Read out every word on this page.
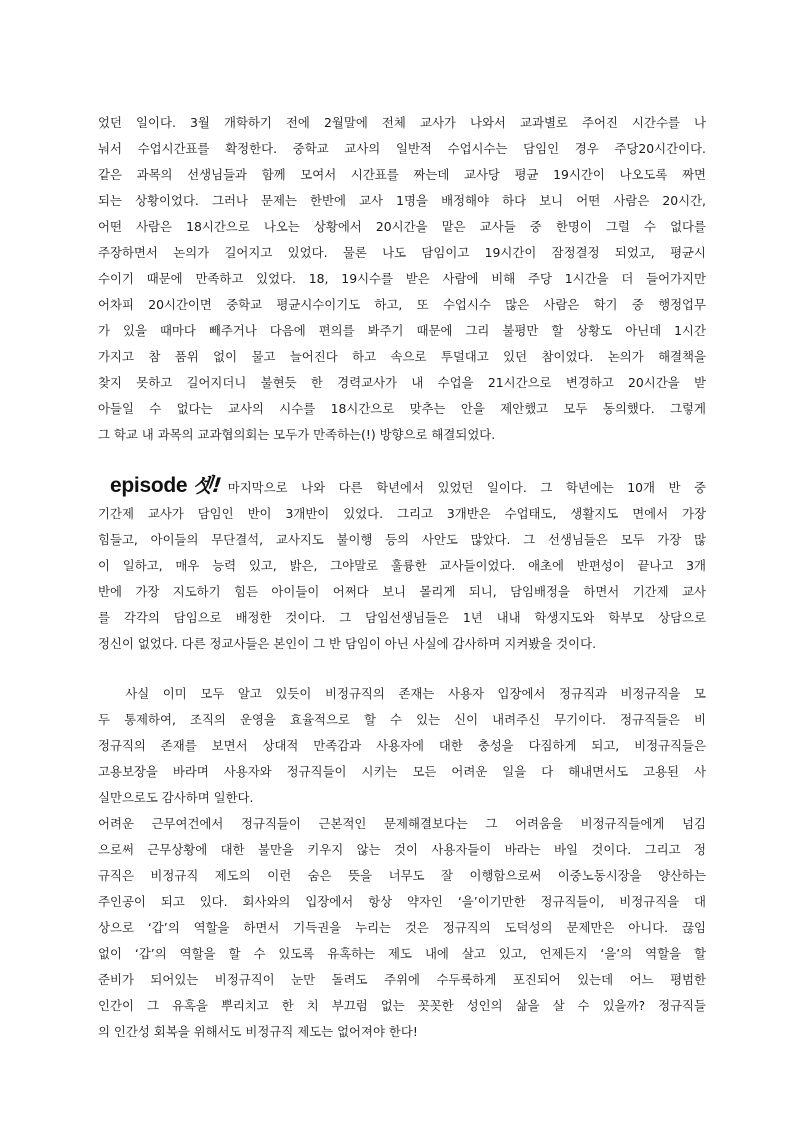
었던 일이다. 3월 개학하기 전에 2월말에 전체 교사가 나와서 교과별로 주어진 시간수를 나
눠서 수업시간표를 확정한다. 중학교 교사의 일반적 수업시수는 담임인 경우 주당20시간이다.
같은 과목의 선생님들과 함께 모여서 시간표를 짜는데 교사당 평균 19시간이 나오도록 짜면
되는 상황이었다. 그러나 문제는 한반에 교사 1명을 배정해야 하다 보니 어떤 사람은 20시간,
어떤 사람은 18시간으로 나오는 상황에서 20시간을 맡은 교사들 중 한명이 그럴 수 없다를
주장하면서 논의가 길어지고 있었다. 물론 나도 담임이고 19시간이 잠정결정 되었고, 평균시
수이기 때문에 만족하고 있었다. 18, 19시수를 받은 사람에 비해 주당 1시간을 더 들어가지만
어차피 20시간이면 중학교 평균시수이기도 하고, 또 수업시수 많은 사람은 학기 중 행정업무
가 있을 때마다 빼주거나 다음에 편의를 봐주기 때문에 그리 불평만 할 상황도 아닌데 1시간
가지고 참 품위 없이 물고 늘어진다 하고 속으로 투덜대고 있던 참이었다. 논의가 해결책을
찾지 못하고 길어지더니 불현듯 한 경력교사가 내 수업을 21시간으로 변경하고 20시간을 받
아들일 수 없다는 교사의 시수를 18시간으로 맞추는 안을 제안했고 모두 동의했다. 그렇게
그 학교 내 과목의 교과협의회는 모두가 만족하는(!) 방향으로 해결되었다.
episode 셋! 마지막으로 나와 다른 학년에서 있었던 일이다. 그 학년에는 10개 반 중
기간제 교사가 담임인 반이 3개반이 있었다. 그리고 3개반은 수업태도, 생활지도 면에서 가장
힘들고, 아이들의 무단결석, 교사지도 불이행 등의 사안도 많았다. 그 선생님들은 모두 가장 많
이 일하고, 매우 능력 있고, 밝은, 그야말로 훌륭한 교사들이었다. 애초에 반편성이 끝나고 3개
반에 가장 지도하기 힘든 아이들이 어쩌다 보니 몰리게 되니, 담임배정을 하면서 기간제 교사
를 각각의 담임으로 배정한 것이다. 그 담임선생님들은 1년 내내 학생지도와 학부모 상담으로
정신이 없었다. 다른 정교사들은 본인이 그 반 담임이 아닌 사실에 감사하며 지켜봤을 것이다.
사실 이미 모두 알고 있듯이 비정규직의 존재는 사용자 입장에서 정규직과 비정규직을 모
두 통제하여, 조직의 운영을 효율적으로 할 수 있는 신이 내려주신 무기이다. 정규직들은 비
정규직의 존재를 보면서 상대적 만족감과 사용자에 대한 충성을 다짐하게 되고, 비정규직들은
고용보장을 바라며 사용자와 정규직들이 시키는 모든 어려운 일을 다 해내면서도 고용된 사
실만으로도 감사하며 일한다.
어려운 근무여건에서 정규직들이 근본적인 문제해결보다는 그 어려움을 비정규직들에게 넘김
으로써 근무상황에 대한 불만을 키우지 않는 것이 사용자들이 바라는 바일 것이다. 그리고 정
규직은 비정규직 제도의 이런 숨은 뜻을 너무도 잘 이행함으로써 이중노동시장을 양산하는
주인공이 되고 있다. 회사와의 입장에서 항상 약자인 ‘을’이기만한 정규직들이, 비정규직을 대
상으로 ‘갑’의 역할을 하면서 기득권을 누리는 것은 정규직의 도덕성의 문제만은 아니다. 끊임
없이 ‘갑’의 역할을 할 수 있도록 유혹하는 제도 내에 살고 있고, 언제든지 ‘을’의 역할을 할
준비가 되어있는 비정규직이 눈만 돌려도 주위에 수두룩하게 포진되어 있는데 어느 평범한
인간이 그 유혹을 뿌리치고 한 치 부끄럼 없는 꼿꼿한 성인의 삶을 살 수 있을까? 정규직들
의 인간성 회복을 위해서도 비정규직 제도는 없어져야 한다!
